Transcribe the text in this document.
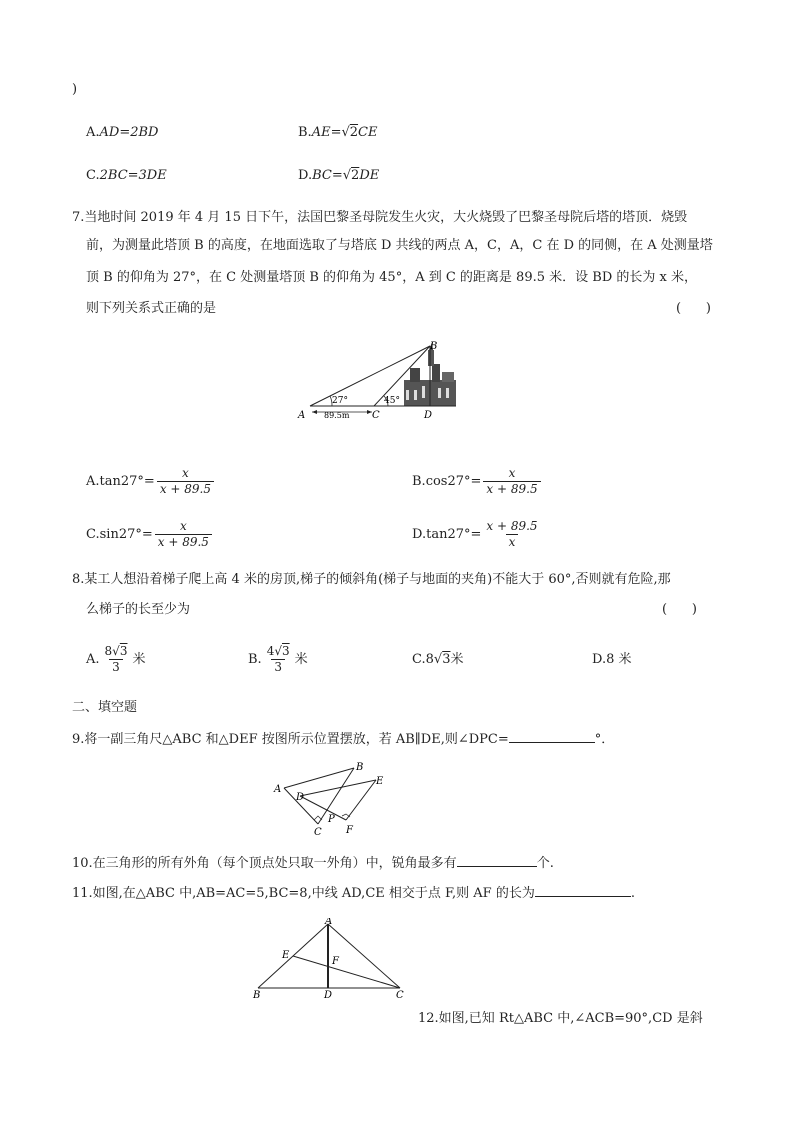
)
A.AD=2BD	B.AE=√2CE
C.2BC=3DE	D.BC=√2DE
7.当地时间 2019 年 4 月 15 日下午，法国巴黎圣母院发生火灾，大火烧毁了巴黎圣母院后塔的塔顶．烧毁
前，为测量此塔顶 B 的高度，在地面选取了与塔底 D 共线的两点 A，C，A，C 在 D 的同侧，在 A 处测量塔
顶 B 的仰角为 27°，在 C 处测量塔顶 B 的仰角为 45°，A 到 C 的距离是 89.5 米．设 BD 的长为 x 米，
则下列关系式正确的是	(      )
B
A	C	D
27°	45°
89.5m
$A.\tan 27^\circ= \frac{x}{x + 89.5}$	$B.\cos 27^\circ= \frac{x}{x + 89.5}$
$C.\sin 27^\circ= \frac{x}{x + 89.5}$	$D.\tan 27^\circ= \frac{x + 89.5}{x}$
8.某工人想沿着梯子爬上高 4 米的房顶,梯子的倾斜角(梯子与地面的夹角)不能大于 60°,否则就有危险,那
么梯子的长至少为	(      )
A. $\frac{8√3}{3}$ 米	B. $\frac{4√3}{3}$ 米	C.8√3米	D.8 米
二、填空题
9.将一副三角尺△ABC 和△DEF 按图所示位置摆放，若 AB∥DE,则∠DPC=	°．
A
B
C
D
E
F
P
10.在三角形的所有外角（每个顶点处只取一外角）中，锐角最多有	个.
11.如图,在△ABC 中,AB=AC=5,BC=8,中线 AD,CE 相交于点 F,则 AF 的长为	.
A
B	C
D
E
F
12.如图,已知 Rt△ABC 中,∠ACB=90°,CD 是斜
